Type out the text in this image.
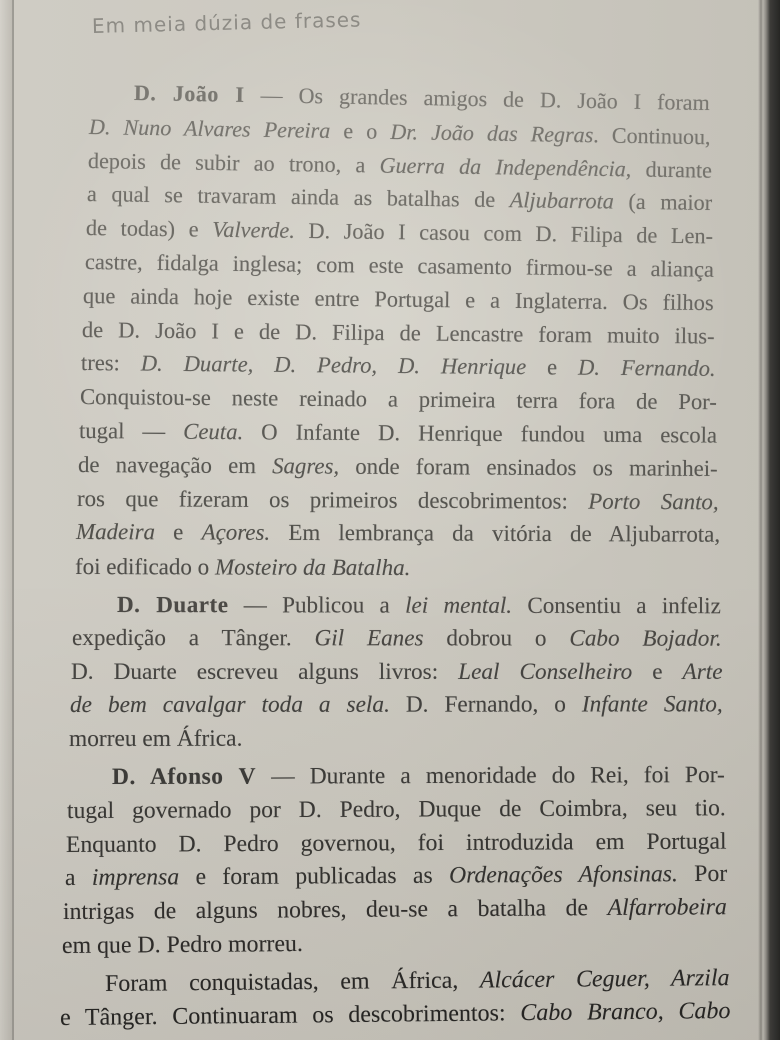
Em meia dúzia de frases
D. João I — Os grandes amigos de D. João I foram
D. Nuno Alvares Pereira e o Dr. João das Regras. Continuou,
depois de subir ao trono, a Guerra da Independência, durante
a qual se travaram ainda as batalhas de Aljubarrota (a maior
de todas) e Valverde. D. João I casou com D. Filipa de Len-
castre, fidalga inglesa; com este casamento firmou-se a aliança
que ainda hoje existe entre Portugal e a Inglaterra. Os filhos
de D. João I e de D. Filipa de Lencastre foram muito ilus-
tres: D. Duarte, D. Pedro, D. Henrique e D. Fernando.
Conquistou-se neste reinado a primeira terra fora de Por-
tugal — Ceuta. O Infante D. Henrique fundou uma escola
de navegação em Sagres, onde foram ensinados os marinhei-
ros que fizeram os primeiros descobrimentos: Porto Santo,
Madeira e Açores. Em lembrança da vitória de Aljubarrota,
foi edificado o Mosteiro da Batalha.
D. Duarte — Publicou a lei mental. Consentiu a infeliz
expedição a Tânger. Gil Eanes dobrou o Cabo Bojador.
D. Duarte escreveu alguns livros: Leal Conselheiro e Arte
de bem cavalgar toda a sela. D. Fernando, o Infante Santo,
morreu em África.
D. Afonso V — Durante a menoridade do Rei, foi Por-
tugal governado por D. Pedro, Duque de Coimbra, seu tio.
Enquanto D. Pedro governou, foi introduzida em Portugal
a imprensa e foram publicadas as Ordenações Afonsinas. Por
intrigas de alguns nobres, deu-se a batalha de Alfarrobeira
em que D. Pedro morreu.
Foram conquistadas, em África, Alcácer Ceguer, Arzila
e Tânger. Continuaram os descobrimentos: Cabo Branco, Cabo
